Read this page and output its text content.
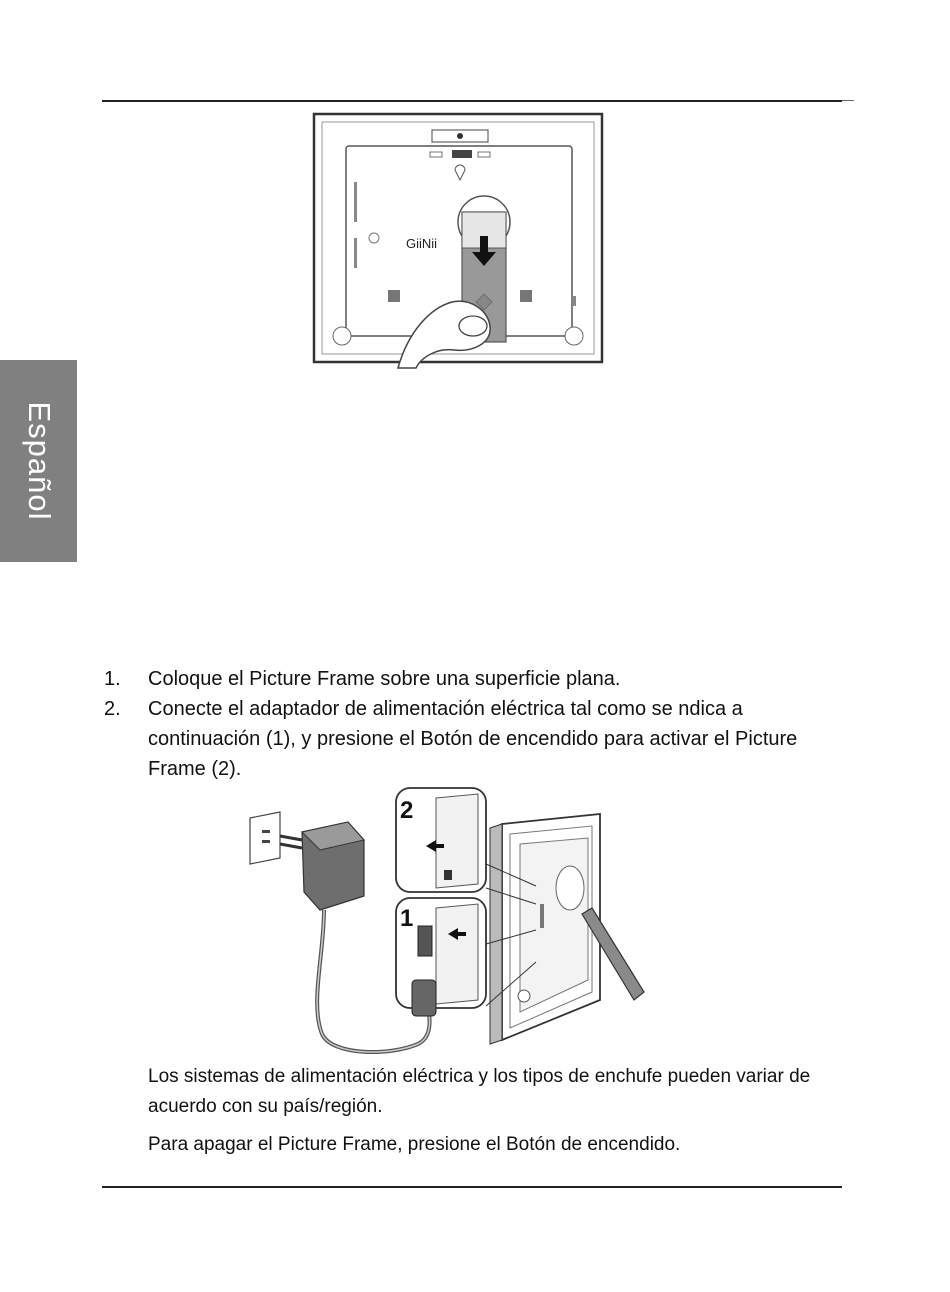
Español
GiiNii

1. Coloque el Picture Frame sobre una superficie plana.

2. Conecte el adaptador de alimentación eléctrica tal como se ndica a continuación (1), y presione el Botón de encendido para activar el Picture Frame (2).

2
1
Los sistemas de alimentación eléctrica y los tipos de enchufe pueden variar de acuerdo con su país/región.
Para apagar el Picture Frame, presione el Botón de encendido.
